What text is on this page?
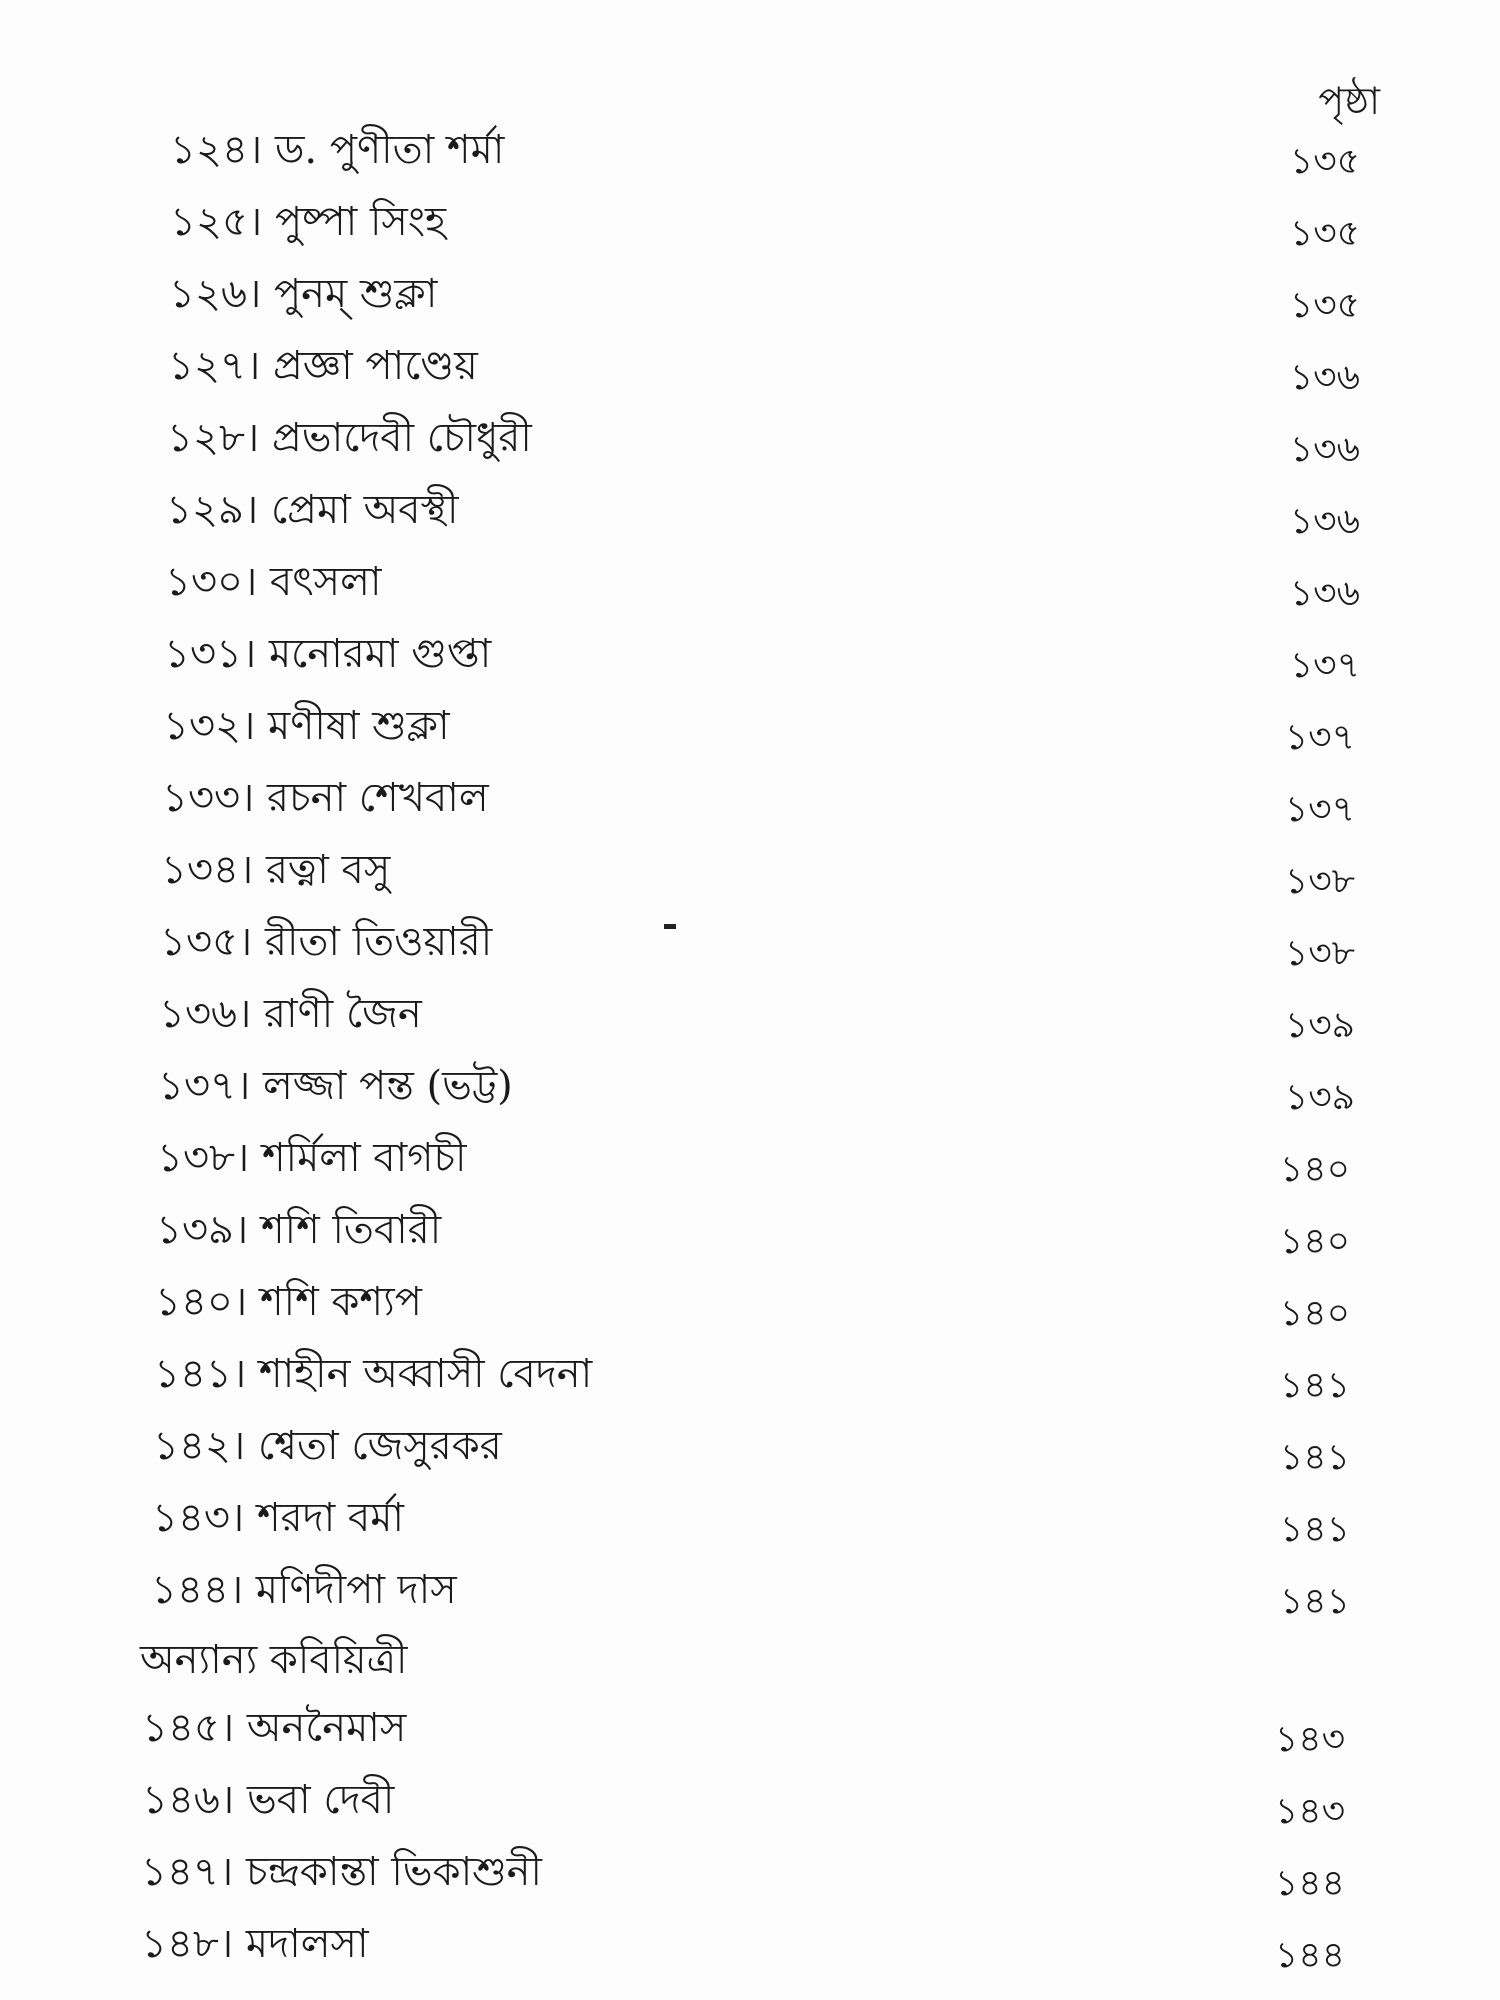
পৃষ্ঠা
১২৪। ড. পুণীতা শর্মা	১৩৫
১২৫। পুষ্পা সিংহ	১৩৫
১২৬। পুনম্ শুক্লা	১৩৫
১২৭। প্রজ্ঞা পাণ্ডেয়	১৩৬
১২৮। প্রভাদেবী চৌধুরী	১৩৬
১২৯। প্রেমা অবস্থী	১৩৬
১৩০। বৎসলা	১৩৬
১৩১। মনোরমা গুপ্তা	১৩৭
১৩২। মণীষা শুক্লা	১৩৭
১৩৩। রচনা শেখবাল	১৩৭
১৩৪। রত্না বসু	১৩৮
১৩৫। রীতা তিওয়ারী	১৩৮
১৩৬। রাণী জৈন	১৩৯
১৩৭। লজ্জা পন্ত (ভট্ট)	১৩৯
১৩৮। শর্মিলা বাগচী	১৪০
১৩৯। শশি তিবারী	১৪০
১৪০। শশি কশ্যপ	১৪০
১৪১। শাহীন অব্বাসী বেদনা	১৪১
১৪২। শ্বেতা জেসুরকর	১৪১
১৪৩। শরদা বর্মা	১৪১
১৪৪। মণিদীপা দাস	১৪১
অন্যান্য কবিয়িত্রী
১৪৫। অননৈমাস	১৪৩
১৪৬। ভবা দেবী	১৪৩
১৪৭। চন্দ্রকান্তা ভিকাশুনী	১৪৪
১৪৮। মদালসা	১৪৪
